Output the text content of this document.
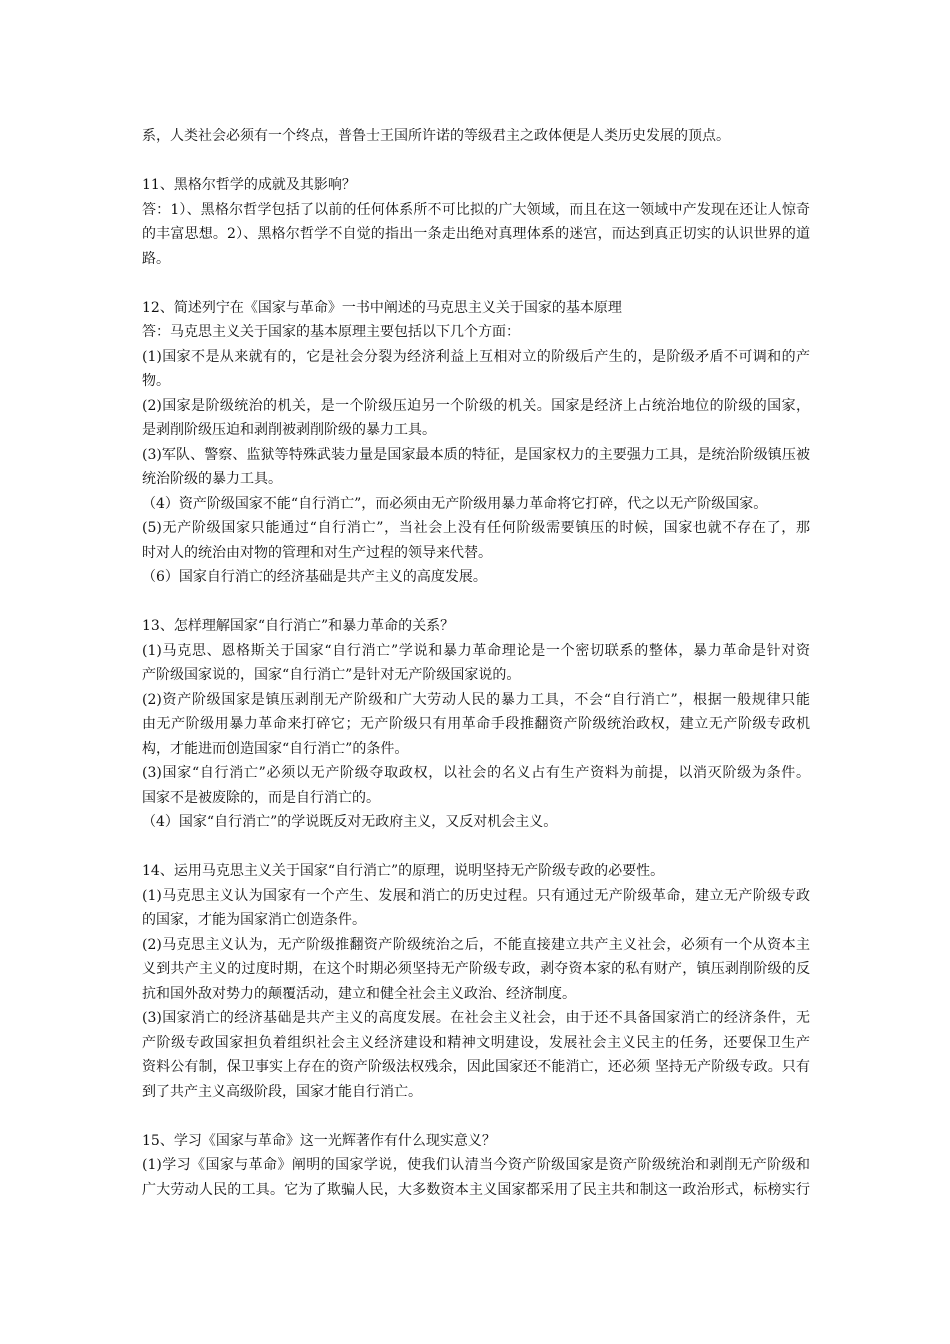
系，人类社会必须有一个终点，普鲁士王国所许诺的等级君主之政体便是人类历史发展的顶点。
11、黑格尔哲学的成就及其影响？
答：1）、黑格尔哲学包括了以前的任何体系所不可比拟的广大领域，而且在这一领域中产发现在还让人惊奇
的丰富思想。2）、黑格尔哲学不自觉的指出一条走出绝对真理体系的迷宫，而达到真正切实的认识世界的道
路。
12、简述列宁在《国家与革命》一书中阐述的马克思主义关于国家的基本原理
答：马克思主义关于国家的基本原理主要包括以下几个方面：
(1)国家不是从来就有的，它是社会分裂为经济利益上互相对立的阶级后产生的，是阶级矛盾不可调和的产
物。
(2)国家是阶级统治的机关，是一个阶级压迫另一个阶级的机关。国家是经济上占统治地位的阶级的国家，
是剥削阶级压迫和剥削被剥削阶级的暴力工具。
(3)军队、警察、监狱等特殊武装力量是国家最本质的特征，是国家权力的主要强力工具，是统治阶级镇压被
统治阶级的暴力工具。
（4）资产阶级国家不能“自行消亡”，而必须由无产阶级用暴力革命将它打碎，代之以无产阶级国家。
(5)无产阶级国家只能通过“自行消亡”，当社会上没有任何阶级需要镇压的时候，国家也就不存在了，那
时对人的统治由对物的管理和对生产过程的领导来代替。
（6）国家自行消亡的经济基础是共产主义的高度发展。
13、怎样理解国家“自行消亡”和暴力革命的关系？
(1)马克思、恩格斯关于国家“自行消亡”学说和暴力革命理论是一个密切联系的整体，暴力革命是针对资
产阶级国家说的，国家“自行消亡”是针对无产阶级国家说的。
(2)资产阶级国家是镇压剥削无产阶级和广大劳动人民的暴力工具，不会“自行消亡”，根据一般规律只能
由无产阶级用暴力革命来打碎它；无产阶级只有用革命手段推翻资产阶级统治政权，建立无产阶级专政机
构，才能进而创造国家“自行消亡”的条件。
(3)国家“自行消亡”必须以无产阶级夺取政权，以社会的名义占有生产资料为前提，以消灭阶级为条件。
国家不是被废除的，而是自行消亡的。
（4）国家“自行消亡”的学说既反对无政府主义，又反对机会主义。
14、运用马克思主义关于国家“自行消亡”的原理，说明坚持无产阶级专政的必要性。
(1)马克思主义认为国家有一个产生、发展和消亡的历史过程。只有通过无产阶级革命，建立无产阶级专政
的国家，才能为国家消亡创造条件。
(2)马克思主义认为，无产阶级推翻资产阶级统治之后，不能直接建立共产主义社会，必须有一个从资本主
义到共产主义的过度时期，在这个时期必须坚持无产阶级专政，剥夺资本家的私有财产，镇压剥削阶级的反
抗和国外敌对势力的颠覆活动，建立和健全社会主义政治、经济制度。
(3)国家消亡的经济基础是共产主义的高度发展。在社会主义社会，由于还不具备国家消亡的经济条件，无
产阶级专政国家担负着组织社会主义经济建设和精神文明建设，发展社会主义民主的任务，还要保卫生产
资料公有制，保卫事实上存在的资产阶级法权残余，因此国家还不能消亡，还必须 坚持无产阶级专政。只有
到了共产主义高级阶段，国家才能自行消亡。
15、学习《国家与革命》这一光辉著作有什么现实意义？
(1)学习《国家与革命》阐明的国家学说，使我们认清当今资产阶级国家是资产阶级统治和剥削无产阶级和
广大劳动人民的工具。它为了欺骗人民，大多数资本主义国家都采用了民主共和制这一政治形式，标榜实行
